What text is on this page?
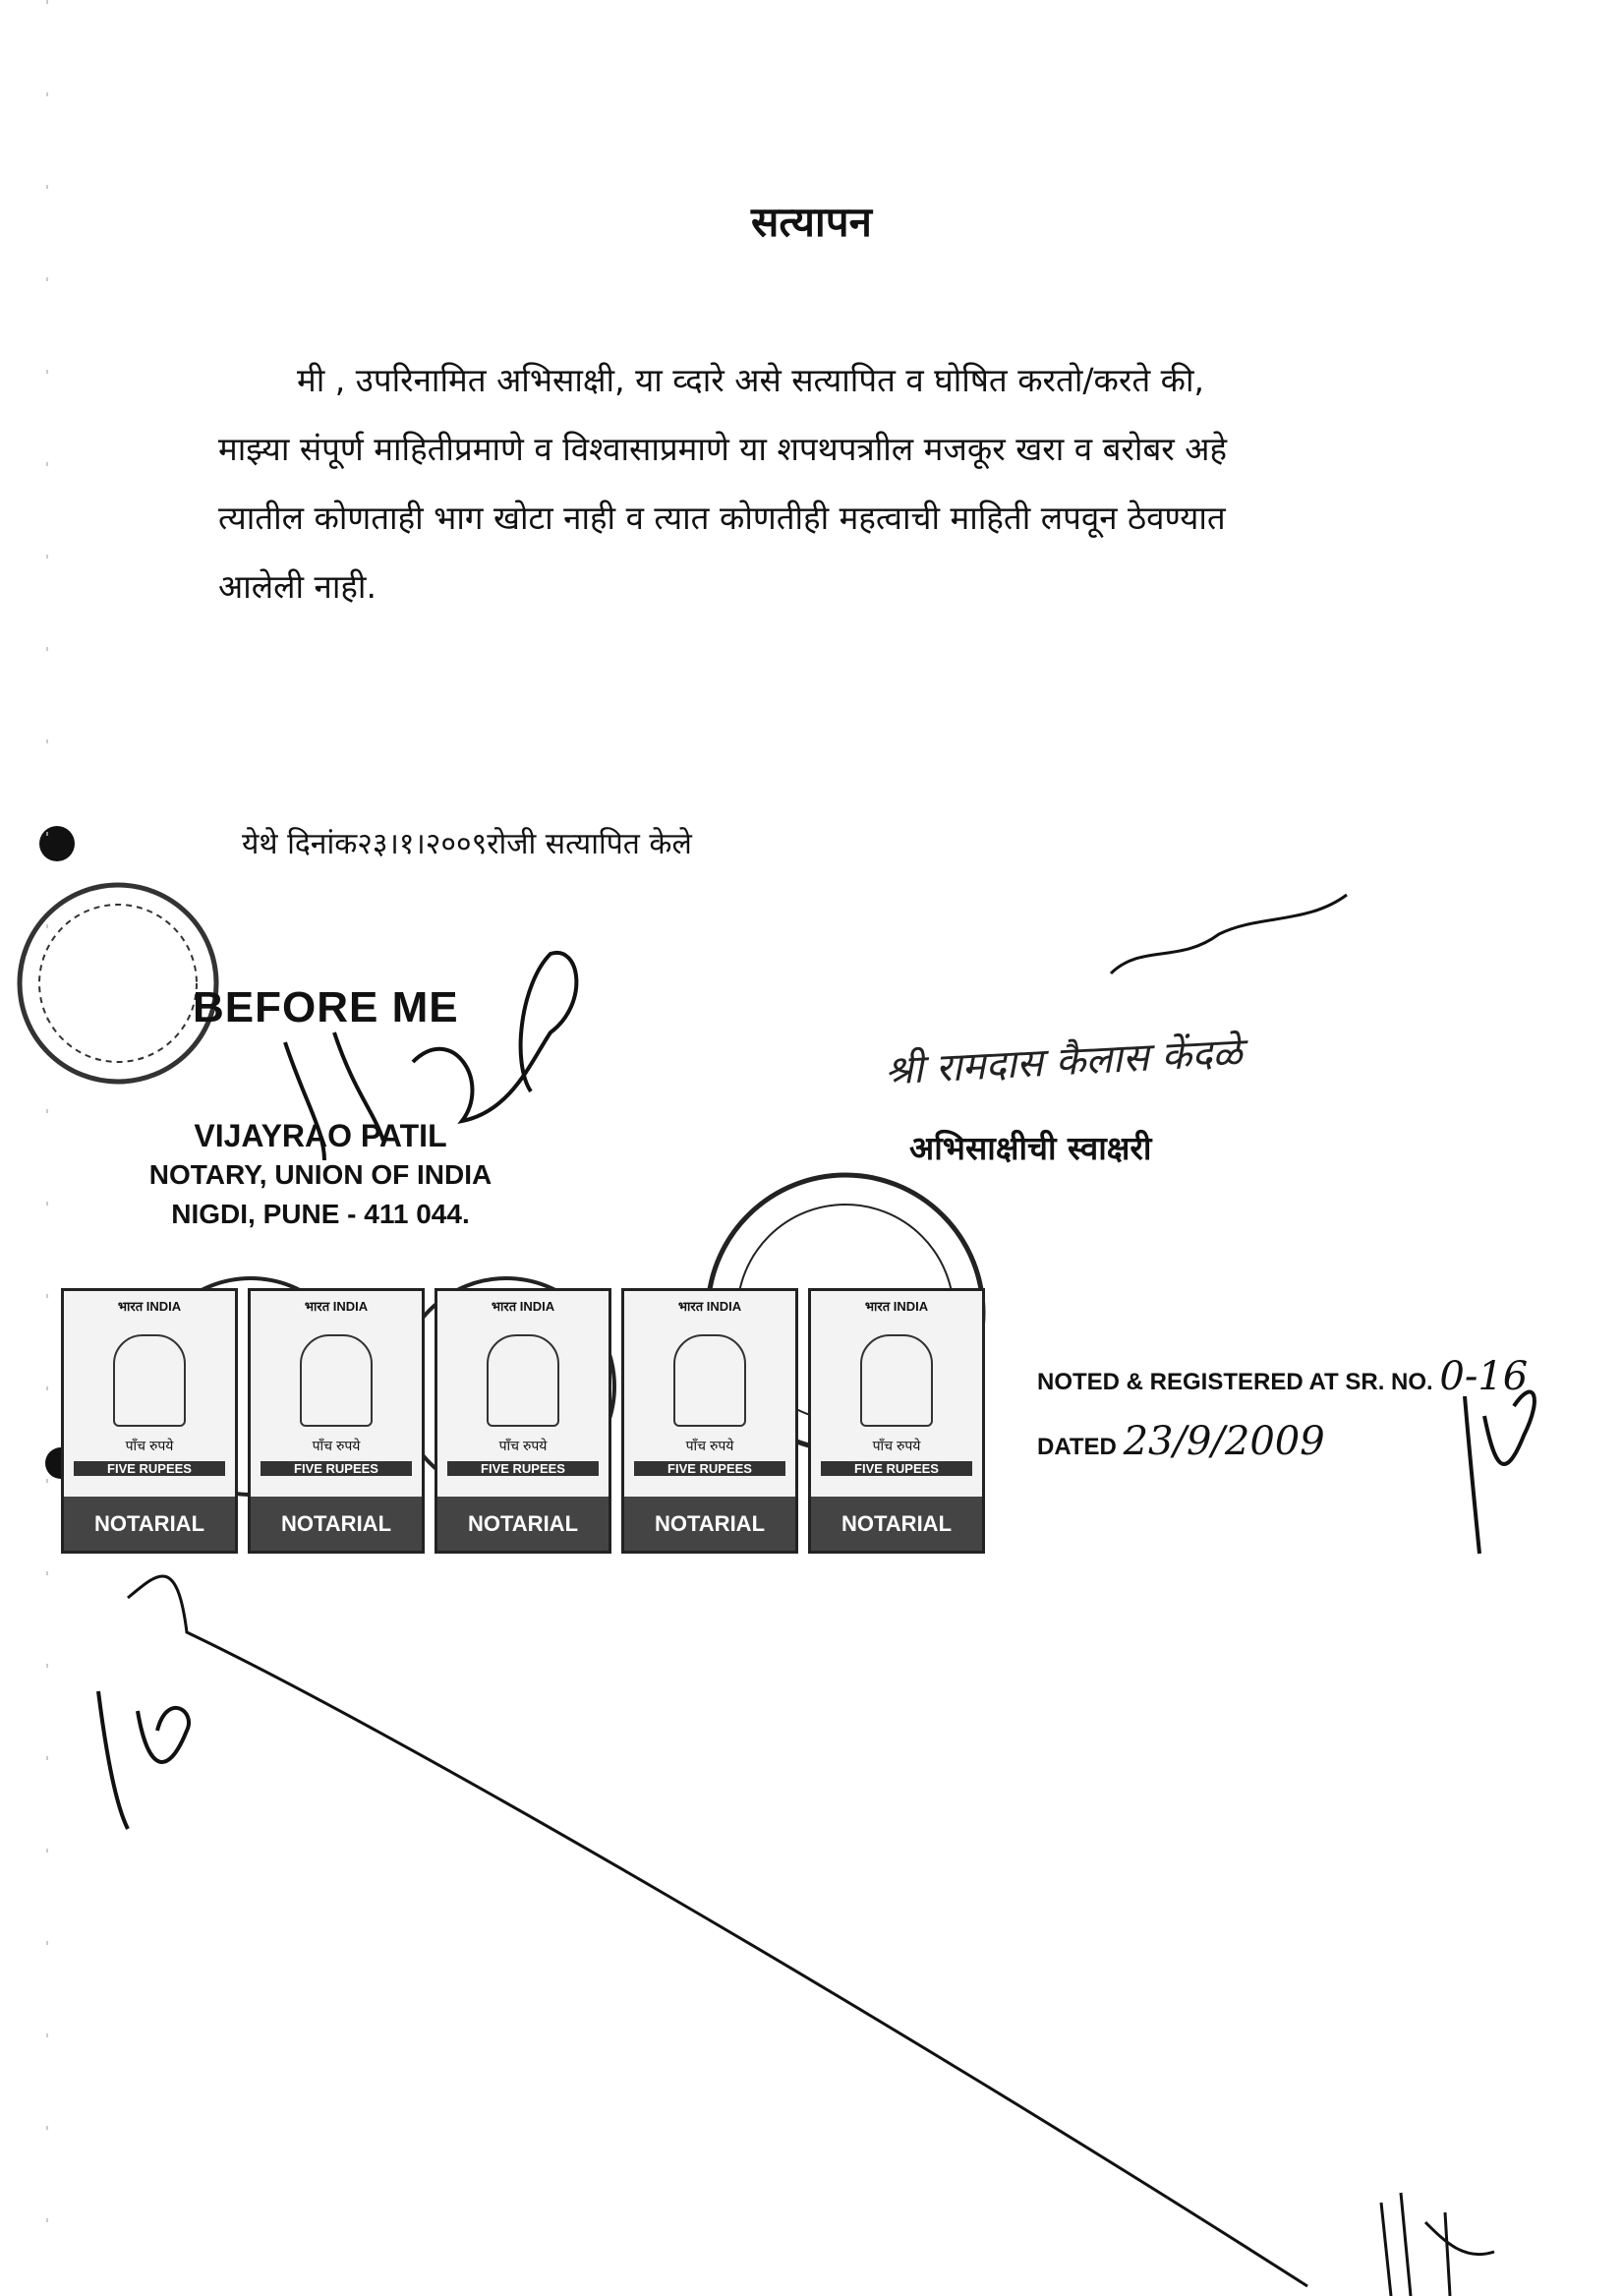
सत्यापन
मी , उपरिनामित अभिसाक्षी, या व्दारे असे सत्यापित व घोषित करतो/करते की,
माझ्या संपूर्ण माहितीप्रमाणे व विश्वासाप्रमाणे या शपथपत्राील मजकूर खरा व बरोबर अहे
त्यातील कोणताही भाग खोटा नाही व त्यात कोणतीही महत्वाची माहिती लपवून ठेवण्यात
आलेली नाही.
येथे दिनांक२३।१।२००९रोजी सत्यापित केले
BEFORE ME
VIJAYRAO PATIL
NOTARY, UNION OF INDIA
NIGDI, PUNE - 411 044.
श्री रामदास कैलास केंदळे
अभिसाक्षीची स्वाक्षरी
भारत INDIA
पाँच रुपये
FIVE RUPEES
NOTARIAL
भारत INDIA
पाँच रुपये
FIVE RUPEES
NOTARIAL
भारत INDIA
पाँच रुपये
FIVE RUPEES
NOTARIAL
भारत INDIA
पाँच रुपये
FIVE RUPEES
NOTARIAL
भारत INDIA
पाँच रुपये
FIVE RUPEES
NOTARIAL
NOTED & REGISTERED AT SR. NO. 0-16
DATED 23/9/2009
